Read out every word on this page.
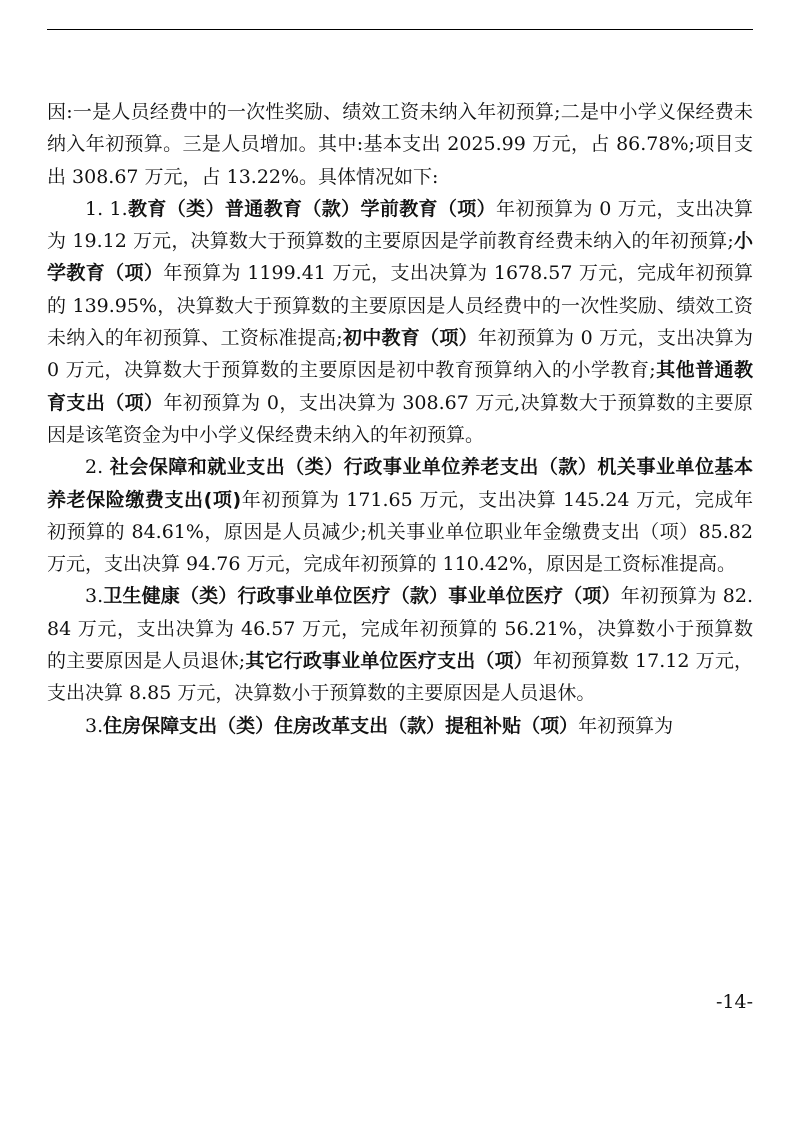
因:一是人员经费中的一次性奖励、绩效工资未纳入年初预算;二是中小学义保经费未纳入年初预算。三是人员增加。其中:基本支出 2025.99 万元，占 86.78%;项目支出 308.67 万元，占 13.22%。具体情况如下:

1. 1.教育（类）普通教育（款）学前教育（项）年初预算为 0 万元，支出决算为 19.12 万元，决算数大于预算数的主要原因是学前教育经费未纳入的年初预算;小学教育（项）年预算为 1199.41 万元，支出决算为 1678.57 万元，完成年初预算的 139.95%，决算数大于预算数的主要原因是人员经费中的一次性奖励、绩效工资未纳入的年初预算、工资标准提高;初中教育（项）年初预算为 0 万元，支出决算为 0 万元，决算数大于预算数的主要原因是初中教育预算纳入的小学教育;其他普通教育支出（项）年初预算为 0，支出决算为 308.67 万元,决算数大于预算数的主要原因是该笔资金为中小学义保经费未纳入的年初预算。

2. 社会保障和就业支出（类）行政事业单位养老支出（款）机关事业单位基本养老保险缴费支出(项)年初预算为 171.65 万元，支出决算 145.24 万元，完成年初预算的 84.61%，原因是人员减少;机关事业单位职业年金缴费支出（项）85.82 万元，支出决算 94.76 万元，完成年初预算的 110.42%，原因是工资标准提高。

3.卫生健康（类）行政事业单位医疗（款）事业单位医疗（项）年初预算为 82.84 万元，支出决算为 46.57 万元，完成年初预算的 56.21%，决算数小于预算数的主要原因是人员退休;其它行政事业单位医疗支出（项）年初预算数 17.12 万元，支出决算 8.85 万元，决算数小于预算数的主要原因是人员退休。

3.住房保障支出（类）住房改革支出（款）提租补贴（项）年初预算为

-14-
